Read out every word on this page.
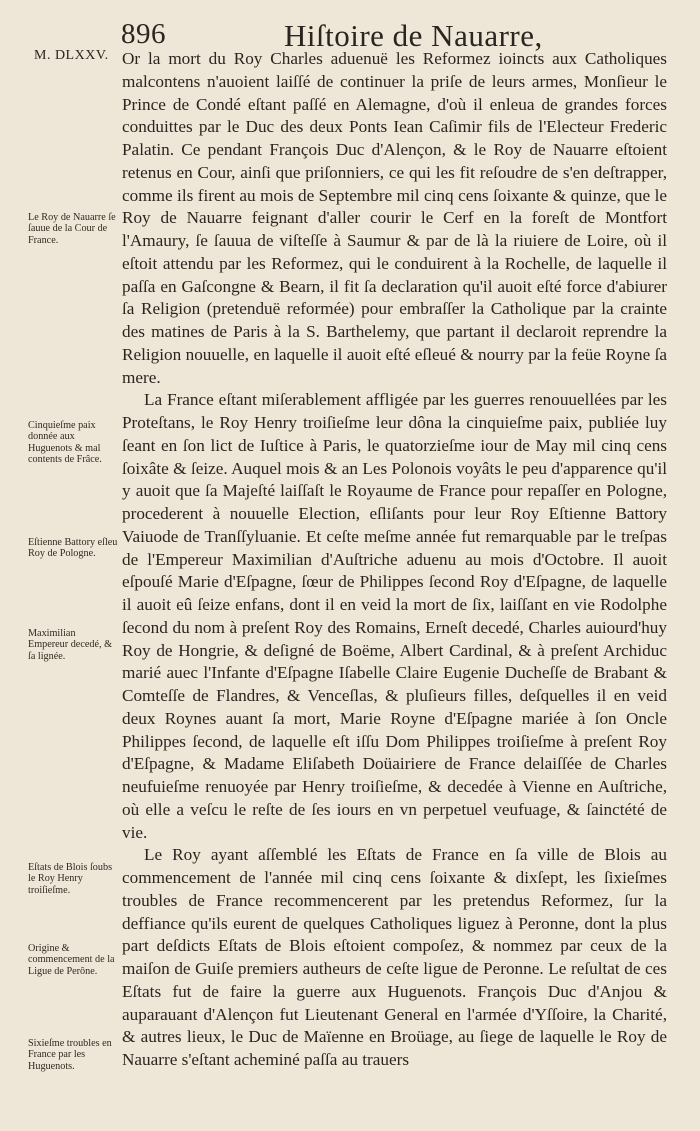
896	Hiſtoire de Nauarre,
M. DLXXV.
Le Roy de Nauarre ſe ſauue de la Cour de France.
Cinquieſme paix donnée aux Huguenots & mal contents de Frâce.
Eſtienne Battory eſleu Roy de Pologne.
Maximilian Empereur decedé, & ſa lignée.
Eſtats de Blois ſoubs le Roy Henry troiſieſme.
Origine & commencement de la Ligue de Perône.
Sixieſme troubles en France par les Huguenots.

Or la mort du Roy Charles aduenuë les Reformez ioincts aux Catholiques malcontens n'auoient laiſſé de continuer la priſe de leurs armes, Monſieur le Prince de Condé eſtant paſſé en Alemagne, d'où il enleua de grandes forces conduittes par le Duc des deux Ponts Iean Caſimir fils de l'Electeur Frederic Palatin. Ce pendant François Duc d'Alençon, & le Roy de Nauarre eſtoient retenus en Cour, ainſi que priſonniers, ce qui les fit reſoudre de s'en deſtrapper, comme ils firent au mois de Septembre mil cinq cens ſoixante & quinze, que le Roy de Nauarre feignant d'aller courir le Cerf en la foreſt de Montfort l'Amaury, ſe ſauua de viſteſſe à Saumur & par de là la riuiere de Loire, où il eſtoit attendu par les Reformez, qui le conduirent à la Rochelle, de laquelle il paſſa en Gaſcongne & Bearn, il fit ſa declaration qu'il auoit eſté force d'abiurer ſa Religion (pretenduë reformée) pour embraſſer la Catholique par la crainte des matines de Paris à la S. Barthelemy, que partant il declaroit reprendre la Religion nouuelle, en laquelle il auoit eſté eſleué & nourry par la feüe Royne ſa mere.

La France eſtant miſerablement affligée par les guerres renouuellées par les Proteſtans, le Roy Henry troiſieſme leur dôna la cinquieſme paix, publiée luy ſeant en ſon lict de Iuſtice à Paris, le quatorzieſme iour de May mil cinq cens ſoixâte & ſeize. Auquel mois & an Les Polonois voyâts le peu d'apparence qu'il y auoit que ſa Majeſté laiſſaſt le Royaume de France pour repaſſer en Pologne, procederent à nouuelle Election, eſliſants pour leur Roy Eſtienne Battory Vaiuode de Tranſſyluanie. Et ceſte meſme année fut remarquable par le treſpas de l'Empereur Maximilian d'Auſtriche aduenu au mois d'Octobre. Il auoit eſpouſé Marie d'Eſpagne, ſœur de Philippes ſecond Roy d'Eſpagne, de laquelle il auoit eû ſeize enfans, dont il en veid la mort de ſix, laiſſant en vie Rodolphe ſecond du nom à preſent Roy des Romains, Erneſt decedé, Charles auiourd'huy Roy de Hongrie, & deſigné de Boëme, Albert Cardinal, & à preſent Archiduc marié auec l'Infante d'Eſpagne Iſabelle Claire Eugenie Ducheſſe de Brabant & Comteſſe de Flandres, & Venceſlas, & pluſieurs filles, deſquelles il en veid deux Roynes auant ſa mort, Marie Royne d'Eſpagne mariée à ſon Oncle Philippes ſecond, de laquelle eſt iſſu Dom Philippes troiſieſme à preſent Roy d'Eſpagne, & Madame Eliſabeth Doüairiere de France delaiſſée de Charles neufuieſme renuoyée par Henry troiſieſme, & decedée à Vienne en Auſtriche, où elle a veſcu le reſte de ſes iours en vn perpetuel veufuage, & ſainctété de vie.

Le Roy ayant aſſemblé les Eſtats de France en ſa ville de Blois au commencement de l'année mil cinq cens ſoixante & dixſept, les ſixieſmes troubles de France recommencerent par les pretendus Reformez, ſur la deffiance qu'ils eurent de quelques Catholiques liguez à Peronne, dont la plus part deſdicts Eſtats de Blois eſtoient compoſez, & nommez par ceux de la maiſon de Guiſe premiers autheurs de ceſte ligue de Peronne. Le reſultat de ces Eſtats fut de faire la guerre aux Huguenots. François Duc d'Anjou & auparauant d'Alençon fut Lieutenant General en l'armée d'Yſſoire, la Charité, & autres lieux, le Duc de Maïenne en Broüage, au ſiege de laquelle le Roy de Nauarre s'eſtant acheminé paſſa au trauers
